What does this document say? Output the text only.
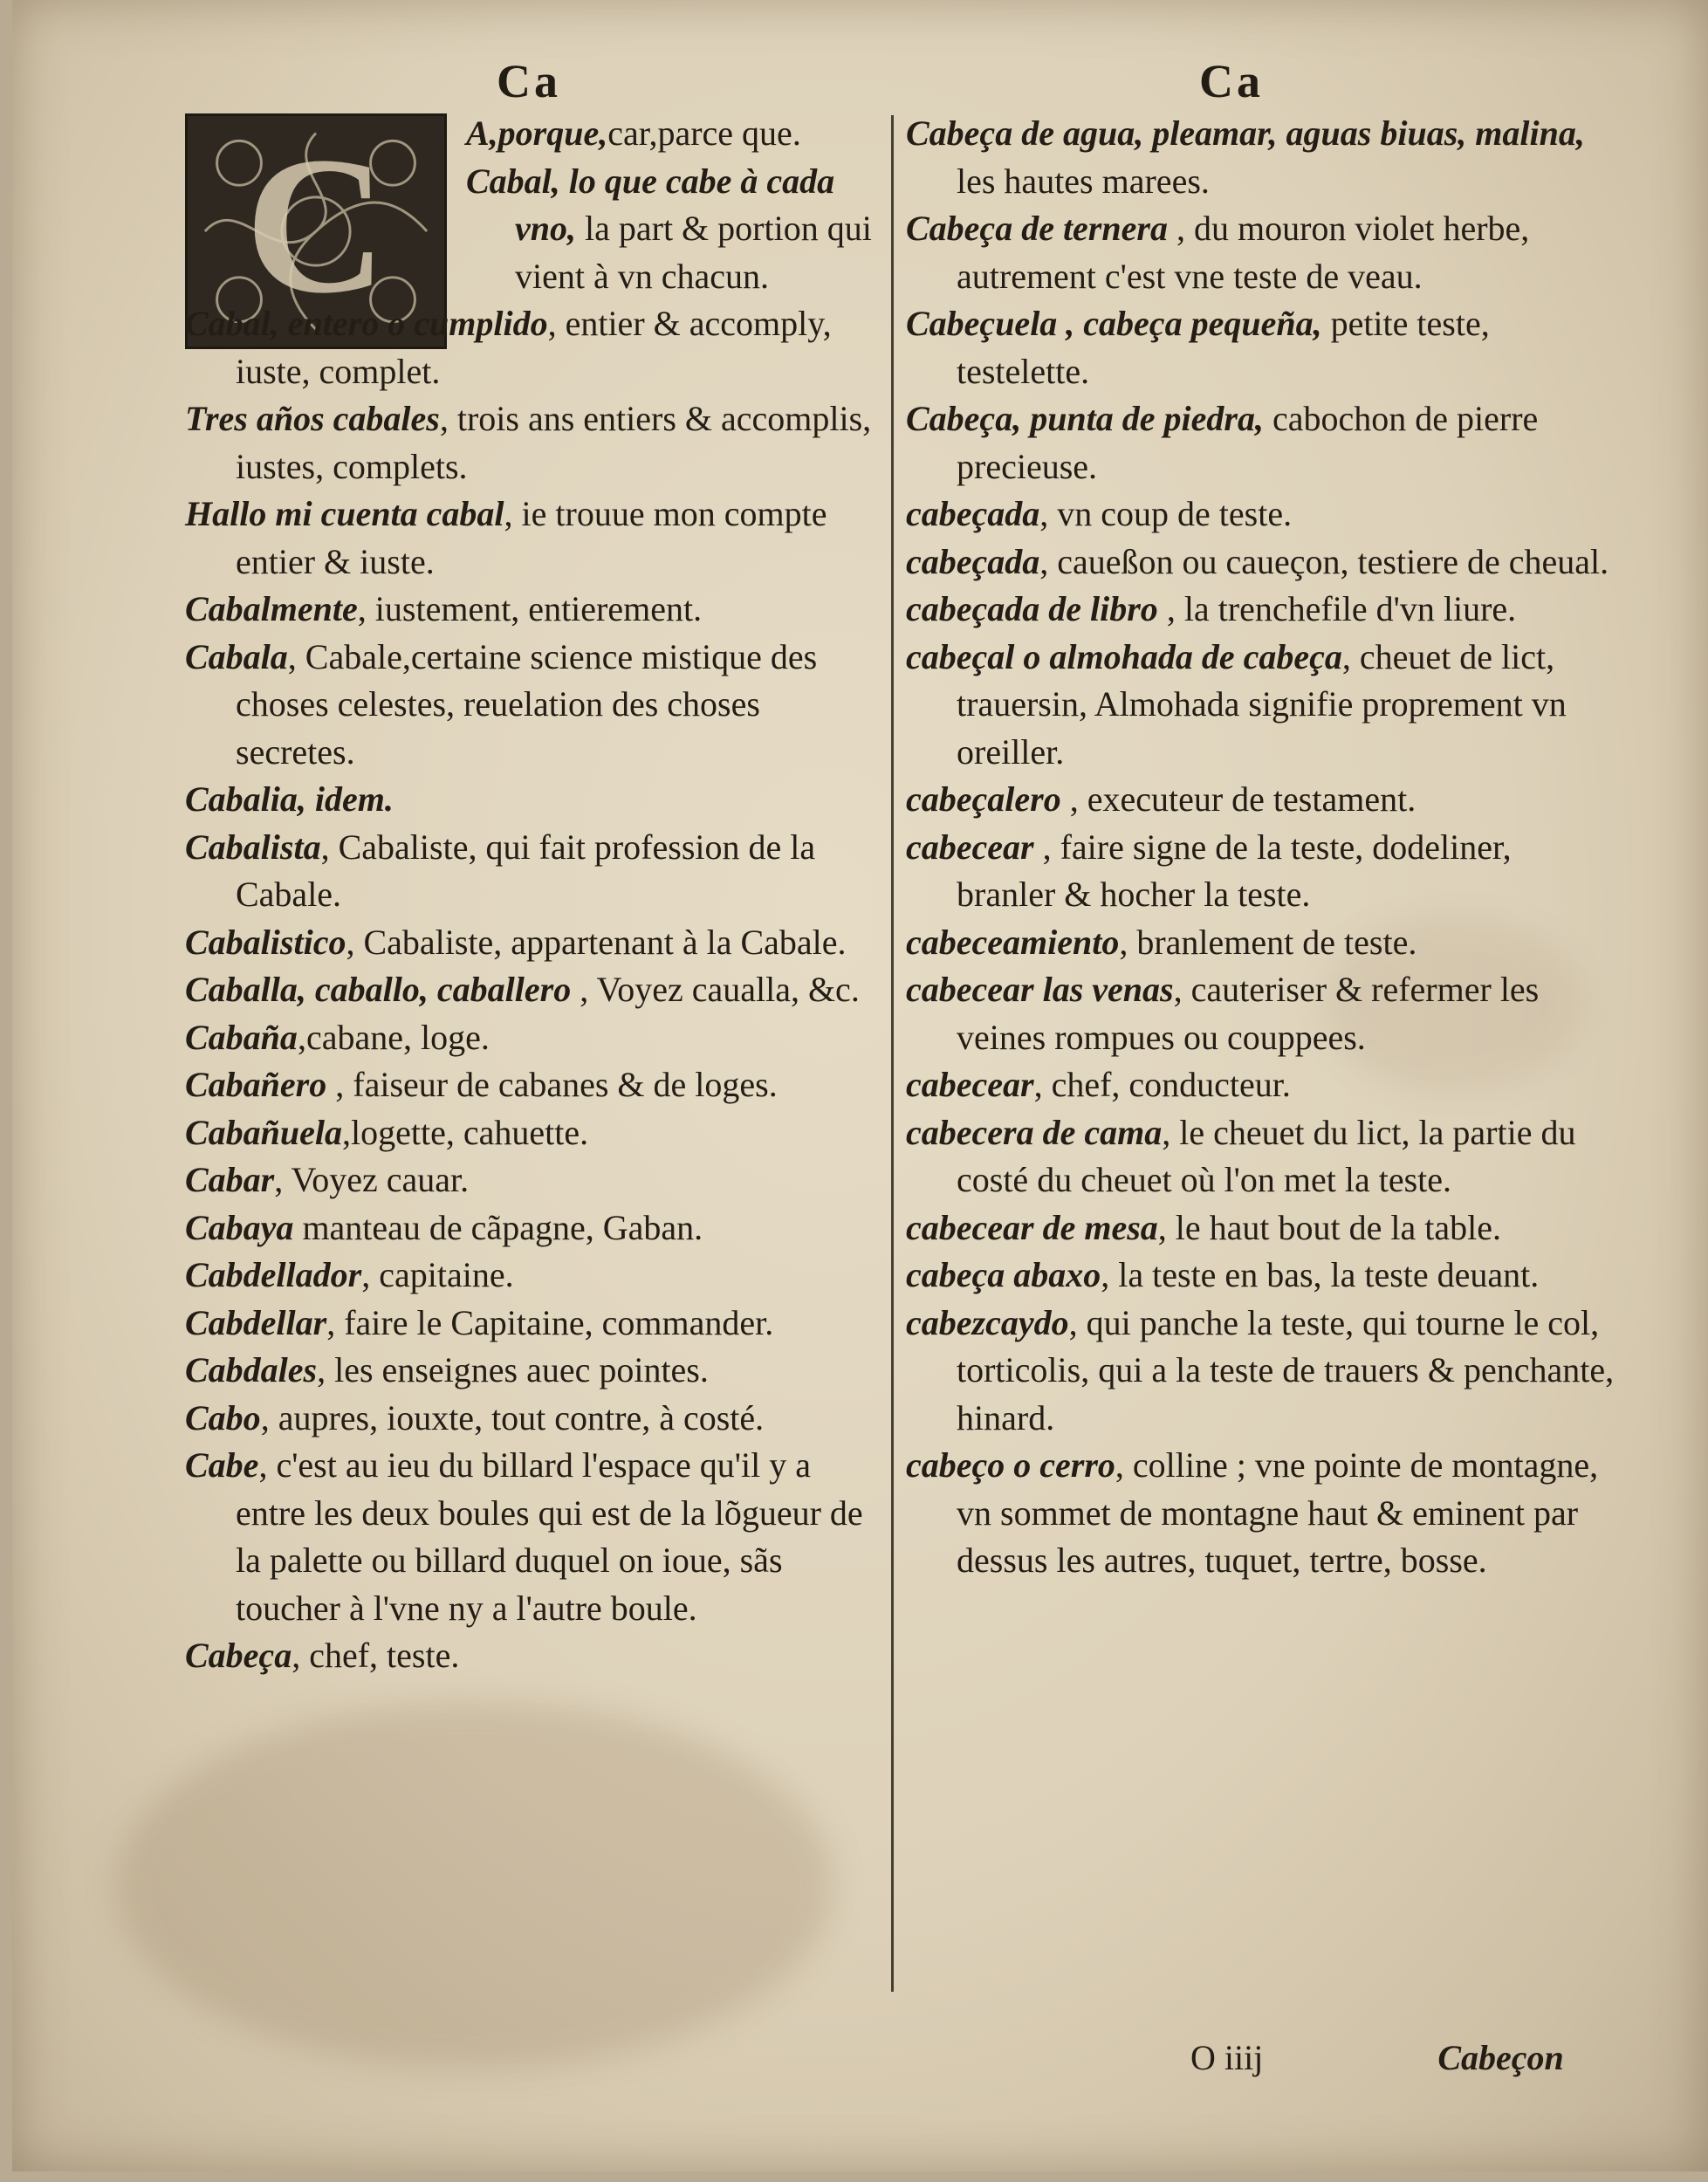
Ca	Ca
C A,porque,car,parce que.

Cabal, lo que cabe à cada vno, la part & portion qui vient à vn chacun.

Cabal, entero o cumplido, entier & accomply, iuste, complet.

Tres años cabales, trois ans entiers & accomplis, iustes, complets.

Hallo mi cuenta cabal, ie trouue mon compte entier & iuste.

Cabalmente, iustement, entierement.

Cabala, Cabale,certaine science mistique des choses celestes, reuelation des choses secretes.

Cabalia, idem.

Cabalista, Cabaliste, qui fait profession de la Cabale.

Cabalistico, Cabaliste, appartenant à la Cabale.

Caballa, caballo, caballero , Voyez caualla, &c.

Cabaña,cabane, loge.

Cabañero , faiseur de cabanes & de loges.

Cabañuela,logette, cahuette.

Cabar, Voyez cauar.

Cabaya manteau de cãpagne, Gaban.

Cabdellador, capitaine.

Cabdellar, faire le Capitaine, commander.

Cabdales, les enseignes auec pointes.

Cabo, aupres, iouxte, tout contre, à costé.

Cabe, c'est au ieu du billard l'espace qu'il y a entre les deux boules qui est de la lõgueur de la palette ou billard duquel on ioue, sãs toucher à l'vne ny a l'autre boule.

Cabeça, chef, teste.

Cabeça de agua, pleamar, aguas biuas, malina, les hautes marees.

Cabeça de ternera , du mouron violet herbe, autrement c'est vne teste de veau.

Cabeçuela , cabeça pequeña, petite teste, testelette.

Cabeça, punta de piedra, cabochon de pierre precieuse.

cabeçada, vn coup de teste.

cabeçada, caueßon ou caueçon, testiere de cheual.

cabeçada de libro , la trenchefile d'vn liure.

cabeçal o almohada de cabeça, cheuet de lict, trauersin, Almohada signifie proprement vn oreiller.

cabeçalero , executeur de testament.

cabecear , faire signe de la teste, dodeliner, branler & hocher la teste.

cabeceamiento, branlement de teste.

cabecear las venas, cauteriser & refermer les veines rompues ou couppees.

cabecear, chef, conducteur.

cabecera de cama, le cheuet du lict, la partie du costé du cheuet où l'on met la teste.

cabecear de mesa, le haut bout de la table.

cabeça abaxo, la teste en bas, la teste deuant.

cabezcaydo, qui panche la teste, qui tourne le col, torticolis, qui a la teste de trauers & penchante, hinard.

cabeço o cerro, colline ; vne pointe de montagne, vn sommet de montagne haut & eminent par dessus les autres, tuquet, tertre, bosse.

O iiij	Cabeçon
